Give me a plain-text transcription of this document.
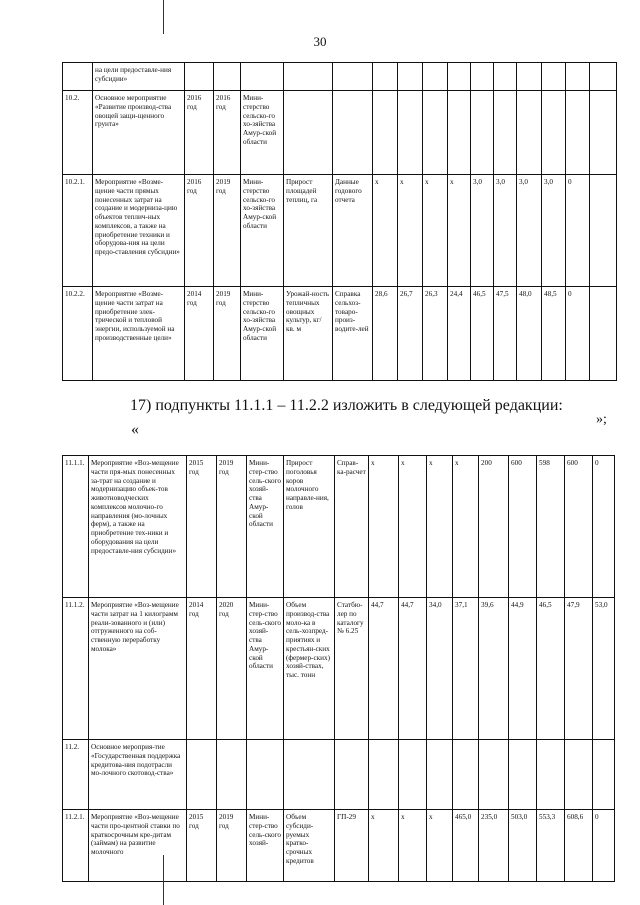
30
	на цели предоставле-ния субсидии»															
10.2.	Основное мероприятие «Развитие производ-ства овощей защи-щенного грунта»	2016 год	2016 год	Мини-стерство сельско-го хо-зяйства Амур-ской области												
10.2.1.	Мероприятие «Возме-щение части прямых понесенных затрат на создание и модерниза-цию объектов теплич-ных комплексов, а также на приобретение техники и оборудова-ния на цели предо-ставления субсидии»	2016 год	2019 год	Мини-стерство сельско-го хо-зяйства Амур-ской области	Прирост площадей теплиц, га	Данные годового отчета	x	x	x	x	3,0	3,0	3,0	3,0	0	
10.2.2.	Мероприятие «Возме-щение части затрат на приобретение элек-трической и тепловой энергии, используемой на производственные цели»	2014 год	2019 год	Мини-стерство сельско-го хо-зяйства Амур-ской области	Урожай-ность тепличных овощных культур, кг/кв. м	Справка сельхоз-товаро-произ-водите-лей	28,6	26,7	26,3	24,4	46,5	47,5	48,0	48,5	0	
»;
17) подпункты 11.1.1 – 11.2.2 изложить в следующей редакции:
«
11.1.1.	Мероприятие «Воз-мещение части пря-мых понесенных за-трат на создание и модернизацию объек-тов животноводческих комплексов молочно-го направления (мо-лочных ферм), а также на приобретение тех-ники и оборудования на цели предоставле-ния субсидии»	2015 год	2019 год	Мини-стер-ство сель-ского хозяй-ства Амур-ской области	Прирост поголовья коров молочного направле-ния, голов	Справ-ка-расчет	x	x	x	x	200	600	598	600	0
11.1.2.	Мероприятие «Воз-мещение части затрат на 1 килограмм реали-зованного и (или) отгруженного на соб-ственную переработку молока»	2014 год	2020 год	Мини-стер-ство сель-ского хозяй-ства Амур-ской области	Объем производ-ства моло-ка в сель-хозпред-приятиях и крестьян-ских (фермер-ских) хозяй-ствах, тыс. тонн	Статбю-лер по каталогу № 6.25	44,7	44,7	34,0	37,1	39,6	44,9	46,5	47,9	53,0
11.2.	Основное мероприя-тие «Государственная поддержка кредитова-ния подотрасли мо-лочного скотовод-ства»														
11.2.1.	Мероприятие «Воз-мещение части про-центной ставки по краткосрочным кре-дитам (займам) на развитие молочного	2015 год	2019 год	Мини-стер-ство сель-ского хозяй-	Объем субсиди-руемых кратко-срочных кредитов	ГП-29	x	x	x	465,0	235,0	503,0	553,3	608,6	0
